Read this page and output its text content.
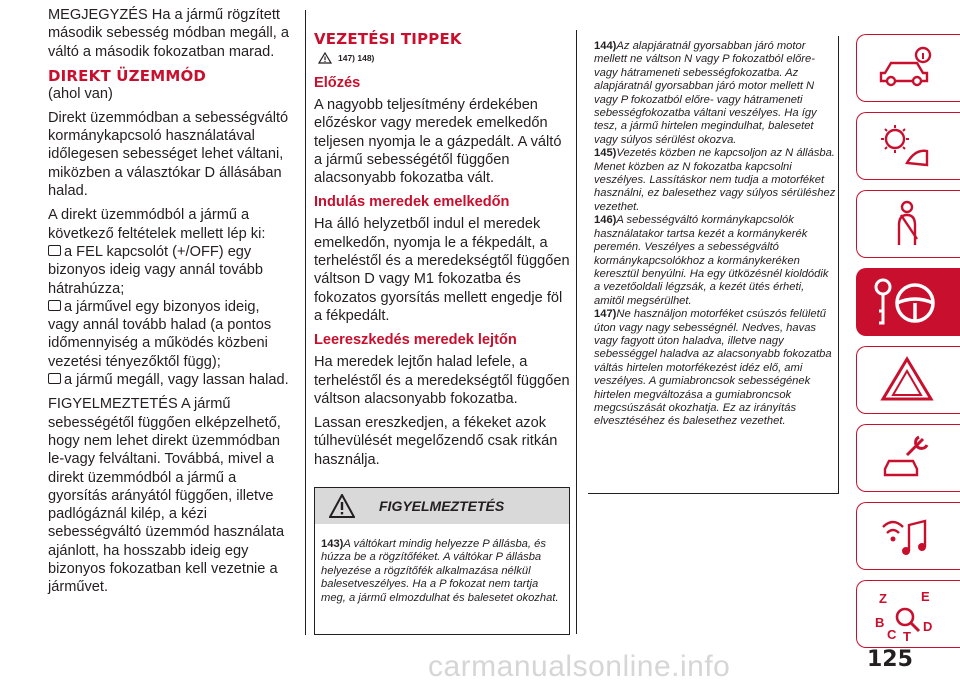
MEGJEGYZÉS Ha a jármű rögzített második sebesség módban megáll, a váltó a második fokozatban marad.

DIREKT ÜZEMMÓD
(ahol van)

Direkt üzemmódban a sebességváltó kormánykapcsoló használatával időlegesen sebességet lehet váltani, miközben a választókar D állásában halad.

A direkt üzemmódból a jármű a következő feltételek mellett lép ki:

a FEL kapcsolót (+/OFF) egy bizonyos ideig vagy annál tovább hátrahúzza;
a járművel egy bizonyos ideig, vagy annál tovább halad (a pontos időmennyiség a működés közbeni vezetési tényezőktől függ);
a jármű megáll, vagy lassan halad.

FIGYELMEZTETÉS A jármű sebességétől függően elképzelhető, hogy nem lehet direkt üzemmódban le-vagy felváltani. Továbbá, mivel a direkt üzemmódból a jármű a gyorsítás arányától függően, illetve padlógáznál kilép, a kézi sebességváltó üzemmód használata ajánlott, ha hosszabb ideig egy bizonyos fokozatban kell vezetnie a járművet.

VEZETÉSI TIPPEK
147) 148)
Előzés

A nagyobb teljesítmény érdekében előzéskor vagy meredek emelkedőn teljesen nyomja le a gázpedált. A váltó a jármű sebességétől függően alacsonyabb fokozatba vált.

Indulás meredek emelkedőn

Ha álló helyzetből indul el meredek emelkedőn, nyomja le a fékpedált, a terheléstől és a meredekségtől függően váltson D vagy M1 fokozatba és fokozatos gyorsítás mellett engedje föl a fékpedált.

Leereszkedés meredek lejtőn

Ha meredek lejtőn halad lefele, a terheléstől és a meredekségtől függően váltson alacsonyabb fokozatba.

Lassan ereszkedjen, a fékeket azok túlhevülését megelőzendő csak ritkán használja.

FIGYELMEZTETÉS
143)A váltókart mindig helyezze P állásba, és húzza be a rögzítőféket. A váltókar P állásba helyezése a rögzítőfék alkalmazása nélkül balesetveszélyes. Ha a P fokozat nem tartja meg, a jármű elmozdulhat és balesetet okozhat.
144)Az alapjáratnál gyorsabban járó motor mellett ne váltson N vagy P fokozatból előre- vagy hátrameneti sebességfokozatba. Az alapjáratnál gyorsabban járó motor mellett N vagy P fokozatból előre- vagy hátrameneti sebességfokozatba váltani veszélyes. Ha így tesz, a jármű hirtelen megindulhat, balesetet vagy súlyos sérülést okozva.
145)Vezetés közben ne kapcsoljon az N állásba. Menet közben az N fokozatba kapcsolni veszélyes. Lassításkor nem tudja a motorféket használni, ez balesethez vagy súlyos sérüléshez vezethet.
146)A sebességváltó kormánykapcsolók használatakor tartsa kezét a kormánykerék peremén. Veszélyes a sebességváltó kormánykapcsolókhoz a kormánykeréken keresztül benyúlni. Ha egy ütközésnél kioldódik a vezetőoldali légzsák, a kezét ütés érheti, amitől megsérülhet.
147)Ne használjon motorféket csúszós felületű úton vagy nagy sebességnél. Nedves, havas vagy fagyott úton haladva, illetve nagy sebességgel haladva az alacsonyabb fokozatba váltás hirtelen motorfékezést idéz elő, ami veszélyes. A gumiabroncsok sebességének hirtelen megváltozása a gumiabroncsok megcsúszását okozhatja. Ez az irányítás elvesztéséhez és balesethez vezethet.
Z	E
B
C T
D
carmanualsonline.info	125
